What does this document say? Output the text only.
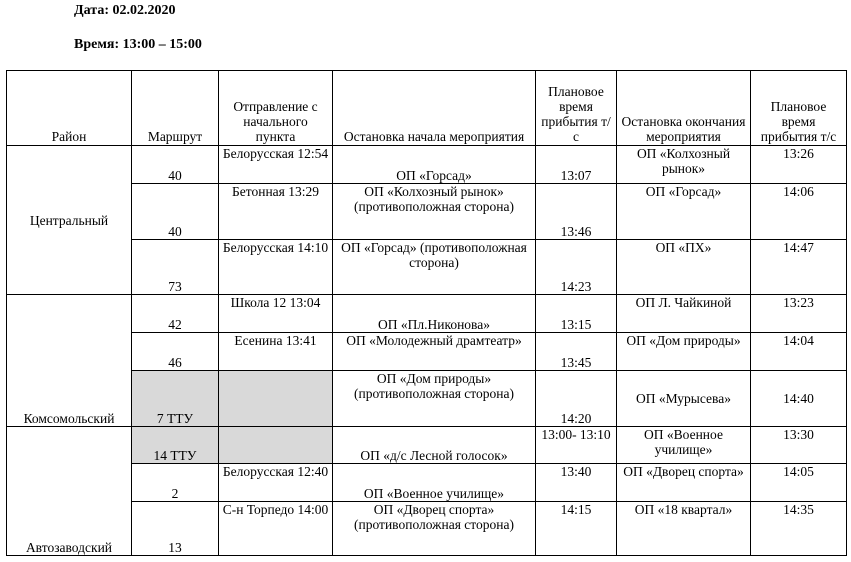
Дата: 02.02.2020
Время: 13:00 – 15:00
Район	Маршрут	Отправление с начального пункта	Остановка начала мероприятия	Плановое время прибытия т/с	Остановка окончания мероприятия	Плановое время прибытия т/с
Центральный	40	Белорусская 12:54	ОП «Горсад»	13:07	ОП «Колхозный рынок»	13:26
	40	Бетонная 13:29	ОП «Колхозный рынок» (противоположная сторона)	13:46	ОП «Горсад»	14:06
	73	Белорусская 14:10	ОП «Горсад» (противоположная сторона)	14:23	ОП «ПХ»	14:47
Комсомольский	42	Школа 12 13:04	ОП «Пл.Никонова»	13:15	ОП Л. Чайкиной	13:23
	46	Есенина 13:41	ОП «Молодежный драмтеатр»	13:45	ОП «Дом природы»	14:04
	7 ТТУ		ОП «Дом природы» (противоположная сторона)	14:20	ОП «Мурысева»	14:40
Автозаводский	14 ТТУ		ОП «д/с Лесной голосок»	13:00- 13:10	ОП «Военное училище»	13:30
	2	Белорусская 12:40	ОП «Военное училище»	13:40	ОП «Дворец спорта»	14:05
	13	С-н Торпедо 14:00	ОП «Дворец спорта» (противоположная сторона)	14:15	ОП «18 квартал»	14:35
